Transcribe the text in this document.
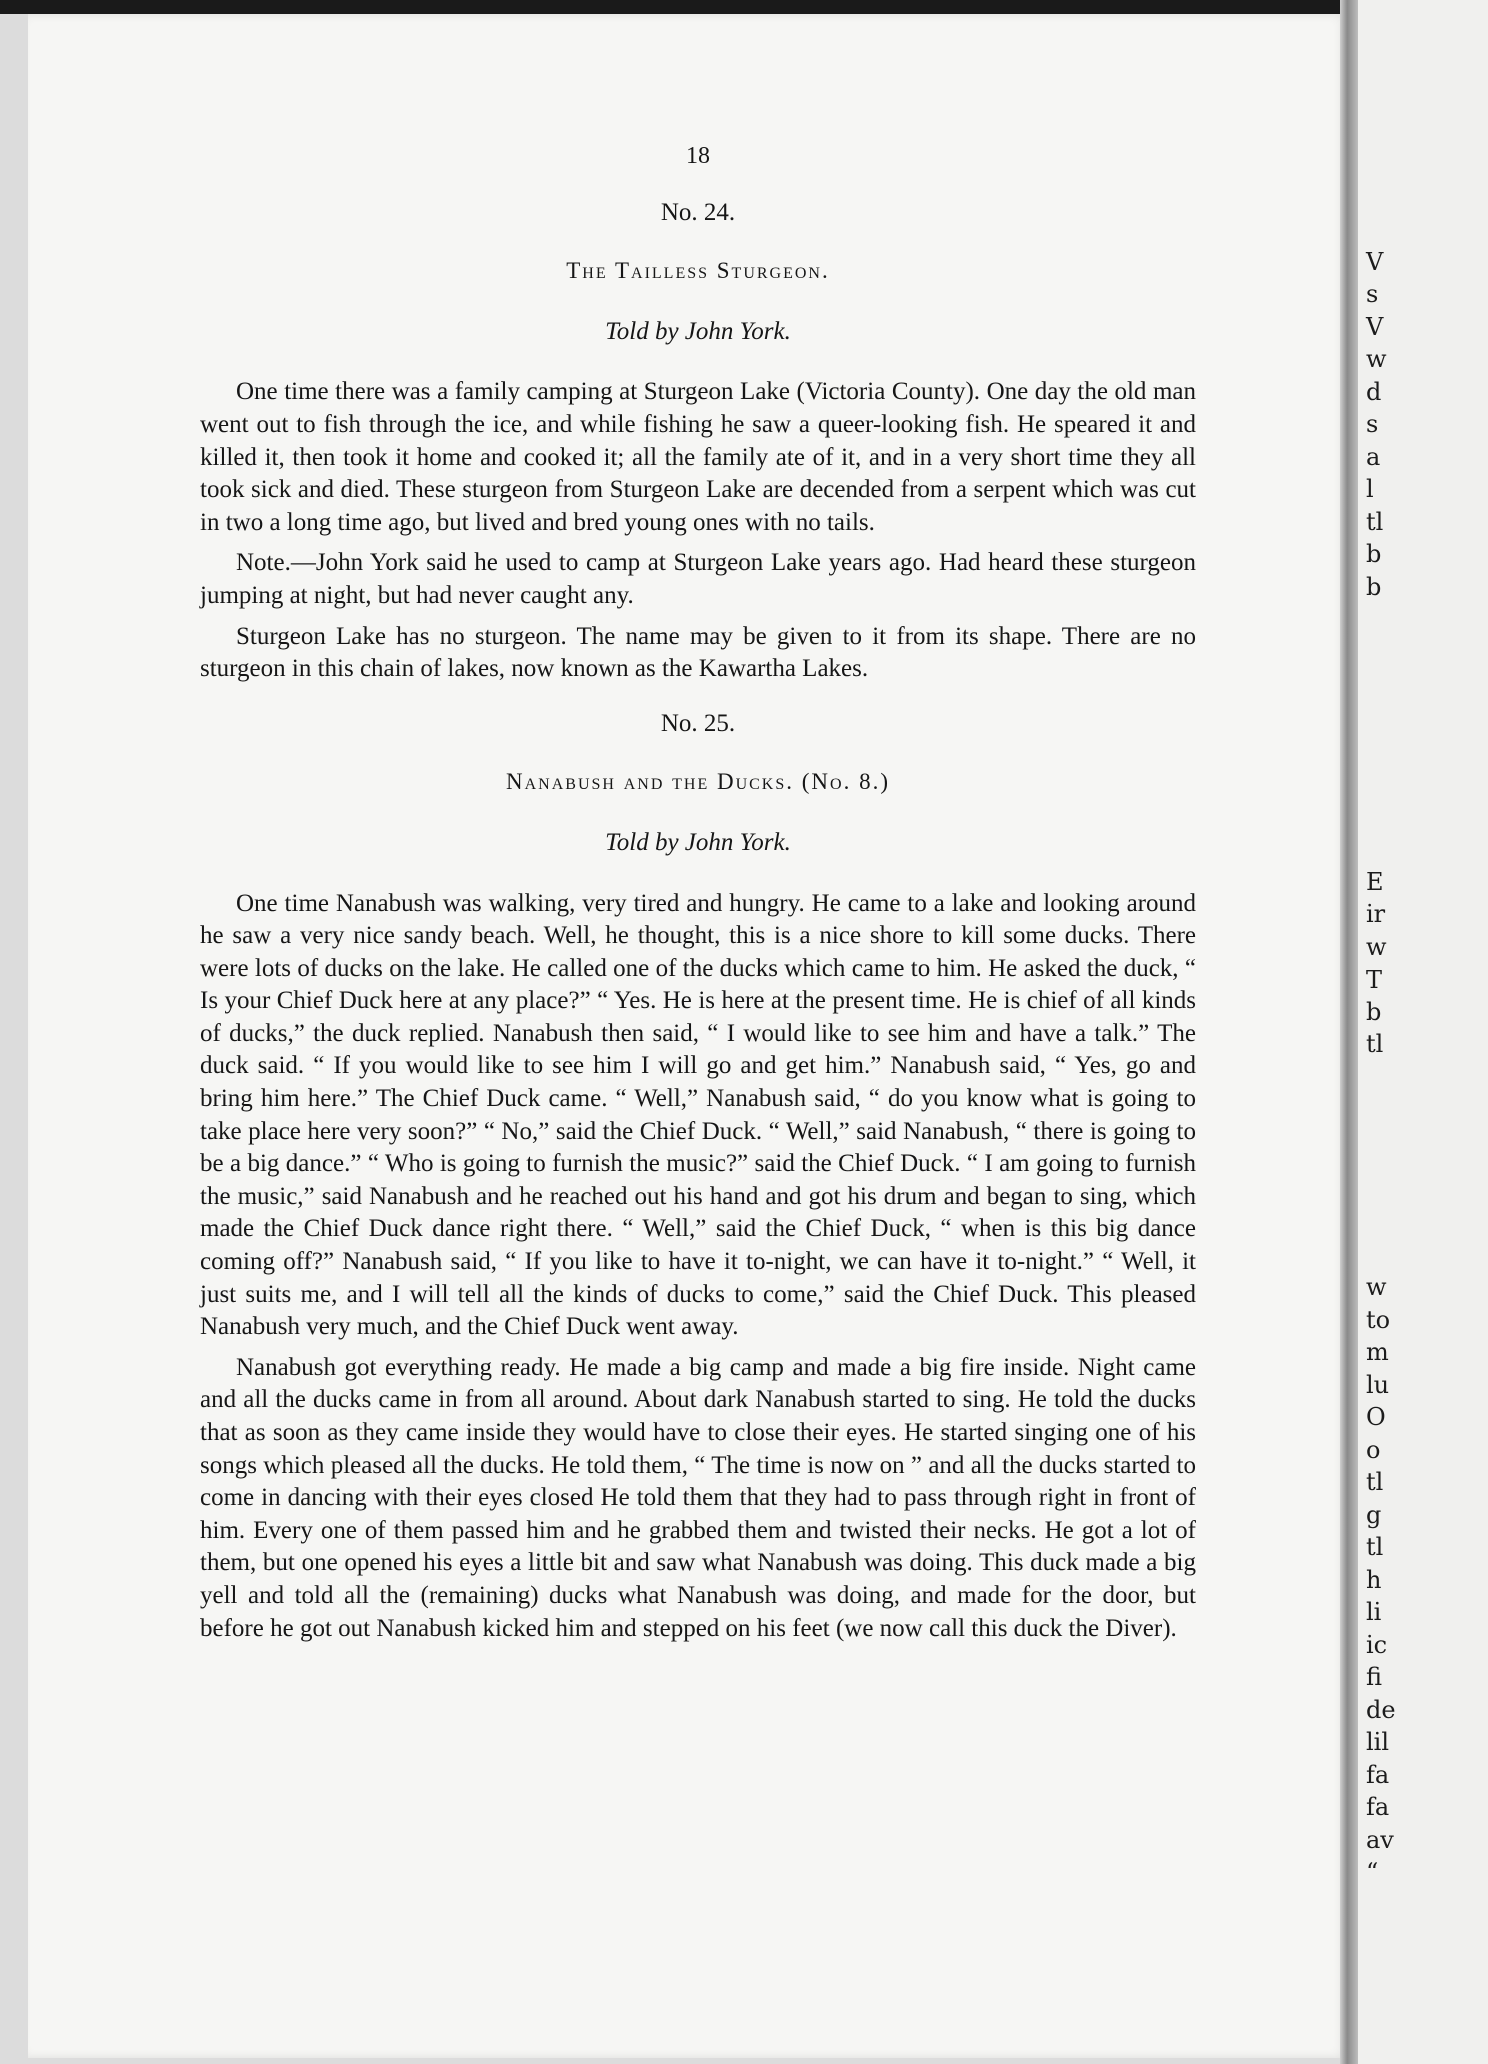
V
s
V
w
d
s
a
l
tl
b
b
E
ir
w
T
b
tl
w
to
m
lu
O
o
tl
g
tl
h
li
ic
fi
de
lil
fa
fa
av
“
18
No. 24.
The Tailless Sturgeon.
Told by John York.

One time there was a family camping at Sturgeon Lake (Victoria County). One day the old man went out to fish through the ice, and while fishing he saw a queer-looking fish. He speared it and killed it, then took it home and cooked it; all the family ate of it, and in a very short time they all took sick and died. These sturgeon from Sturgeon Lake are decended from a serpent which was cut in two a long time ago, but lived and bred young ones with no tails.

Note.—John York said he used to camp at Sturgeon Lake years ago. Had heard these sturgeon jumping at night, but had never caught any.

Sturgeon Lake has no sturgeon. The name may be given to it from its shape. There are no sturgeon in this chain of lakes, now known as the Kawartha Lakes.

No. 25.
Nanabush and the Ducks. (No. 8.)
Told by John York.

One time Nanabush was walking, very tired and hungry. He came to a lake and looking around he saw a very nice sandy beach. Well, he thought, this is a nice shore to kill some ducks. There were lots of ducks on the lake. He called one of the ducks which came to him. He asked the duck, “ Is your Chief Duck here at any place?” “ Yes. He is here at the present time. He is chief of all kinds of ducks,” the duck replied. Nanabush then said, “ I would like to see him and have a talk.” The duck said. “ If you would like to see him I will go and get him.” Nanabush said, “ Yes, go and bring him here.” The Chief Duck came. “ Well,” Nanabush said, “ do you know what is going to take place here very soon?” “ No,” said the Chief Duck. “ Well,” said Nanabush, “ there is going to be a big dance.” “ Who is going to furnish the music?” said the Chief Duck. “ I am going to furnish the music,” said Nanabush and he reached out his hand and got his drum and began to sing, which made the Chief Duck dance right there. “ Well,” said the Chief Duck, “ when is this big dance coming off?” Nanabush said, “ If you like to have it to-night, we can have it to-night.” “ Well, it just suits me, and I will tell all the kinds of ducks to come,” said the Chief Duck. This pleased Nanabush very much, and the Chief Duck went away.

Nanabush got everything ready. He made a big camp and made a big fire inside. Night came and all the ducks came in from all around. About dark Nanabush started to sing. He told the ducks that as soon as they came inside they would have to close their eyes. He started singing one of his songs which pleased all the ducks. He told them, “ The time is now on ” and all the ducks started to come in dancing with their eyes closed He told them that they had to pass through right in front of him. Every one of them passed him and he grabbed them and twisted their necks. He got a lot of them, but one opened his eyes a little bit and saw what Nanabush was doing. This duck made a big yell and told all the (remaining) ducks what Nanabush was doing, and made for the door, but before he got out Nanabush kicked him and stepped on his feet (we now call this duck the Diver).
